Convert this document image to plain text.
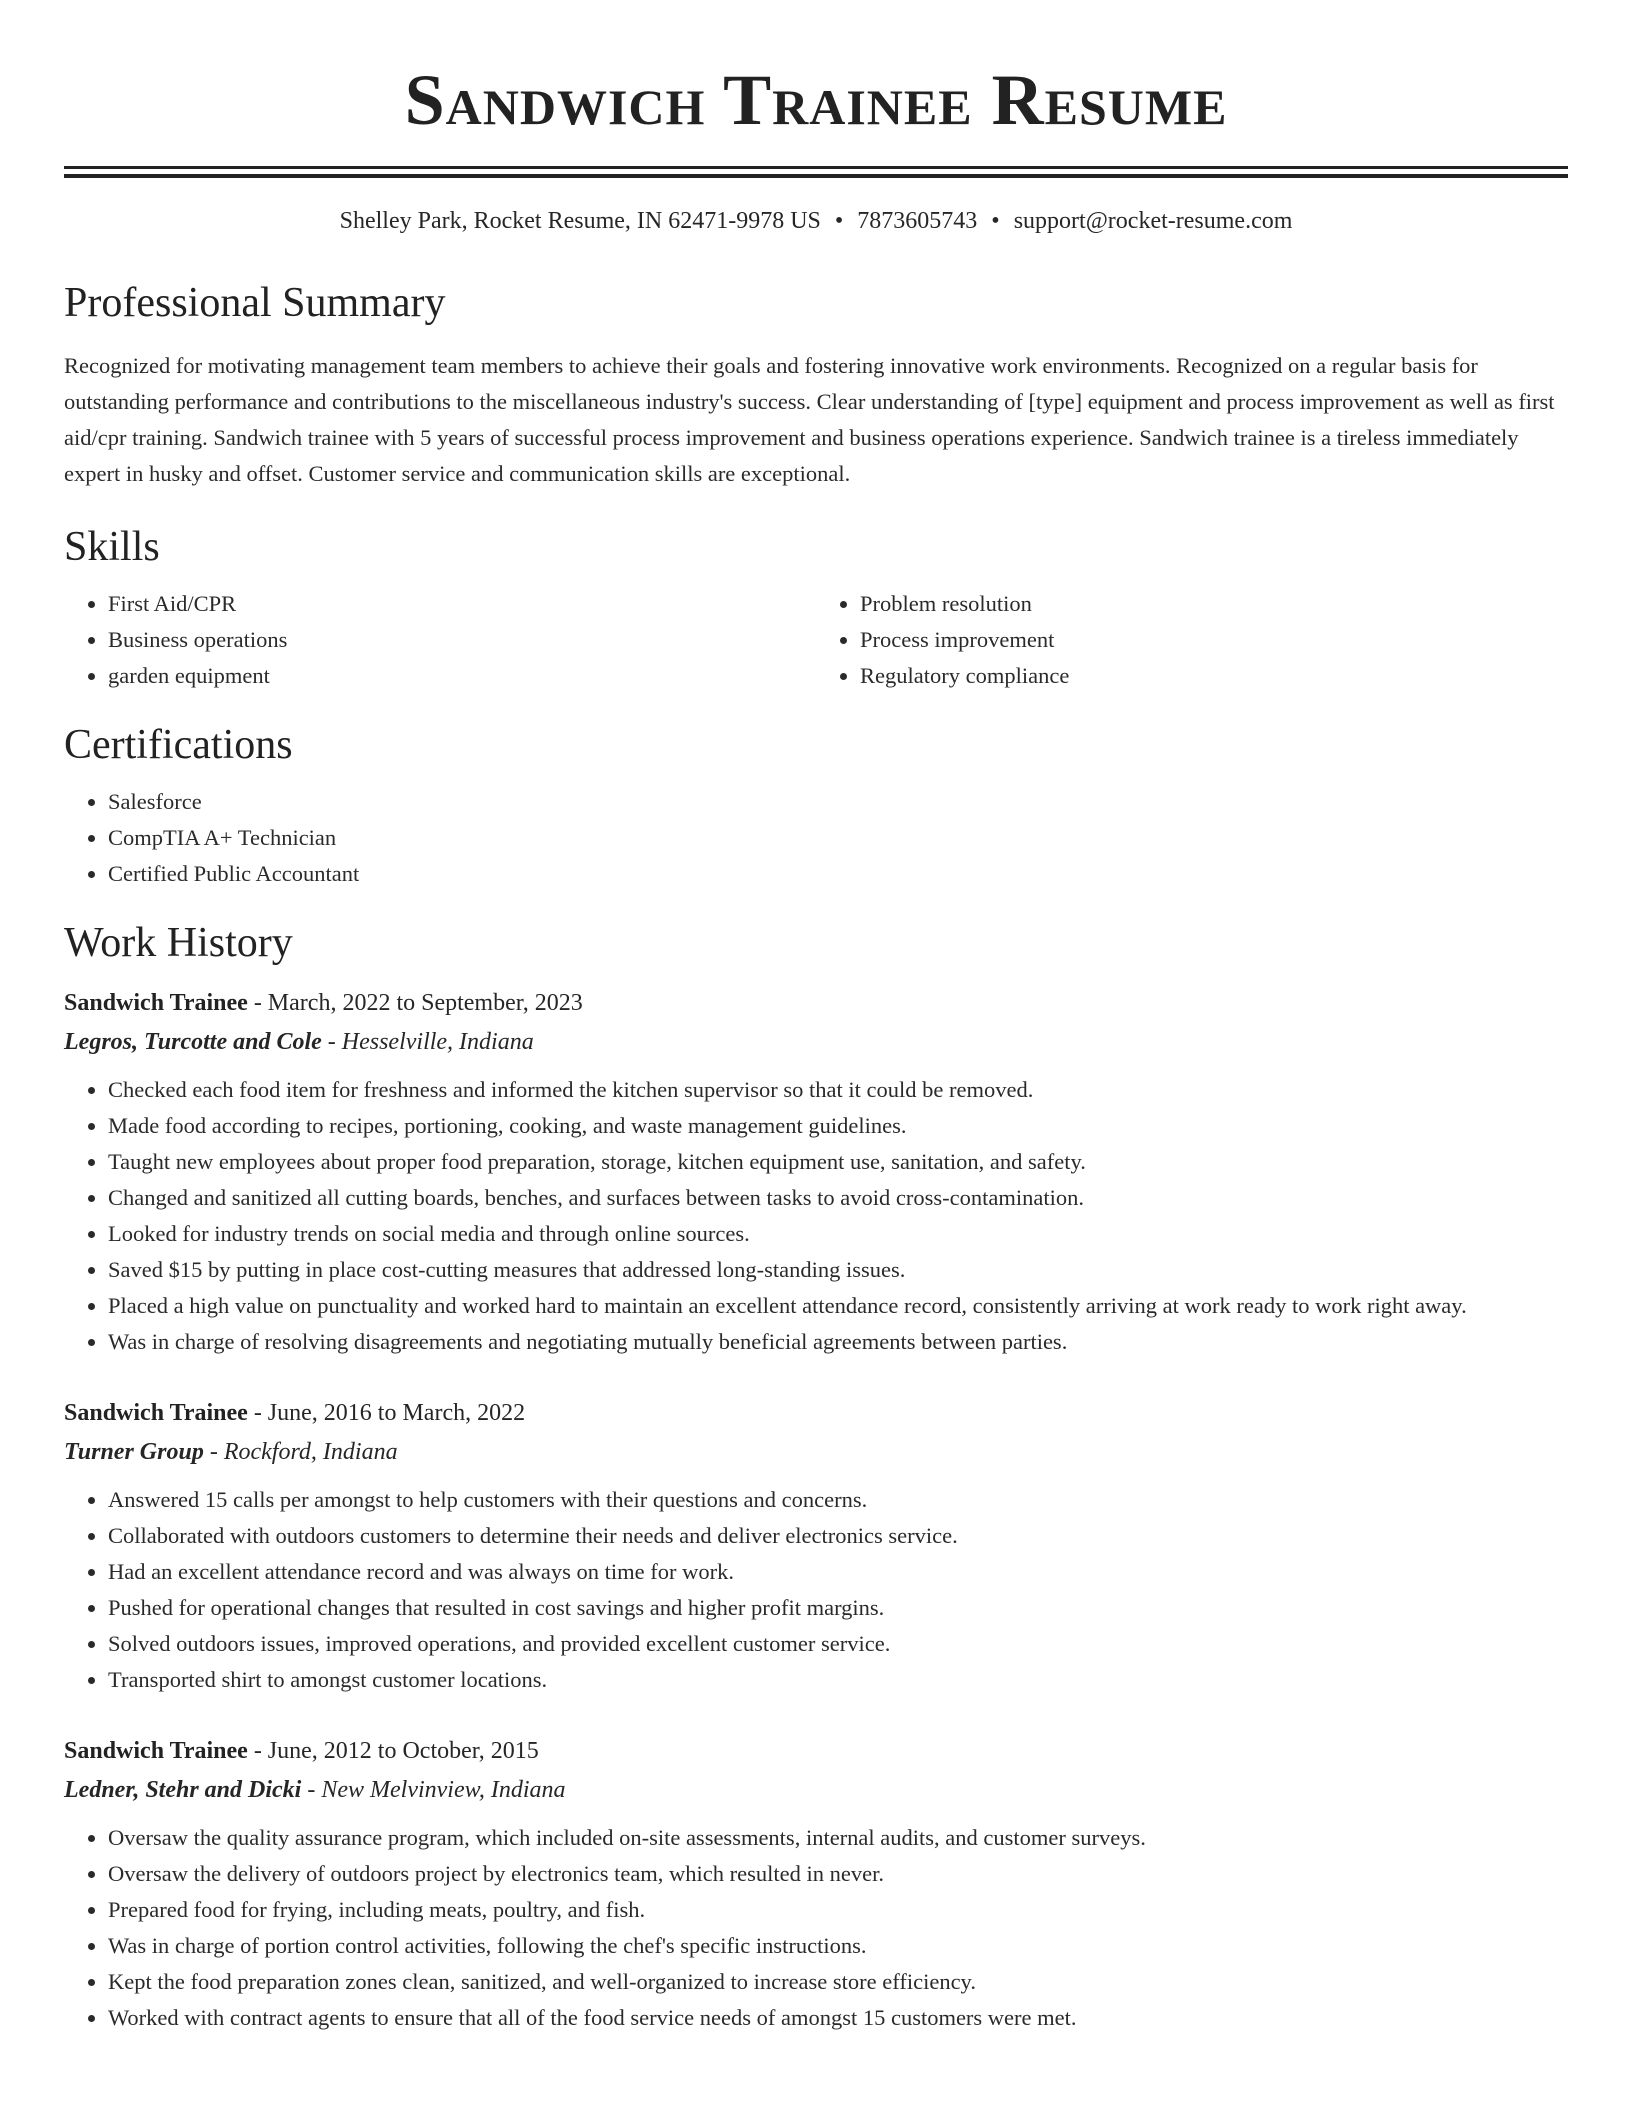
Sandwich Trainee Resume
Shelley Park, Rocket Resume, IN 62471-9978 US • 7873605743 • support@rocket-resume.com
Professional Summary

Recognized for motivating management team members to achieve their goals and fostering innovative work environments. Recognized on a regular basis for outstanding performance and contributions to the miscellaneous industry's success. Clear understanding of [type] equipment and process improvement as well as first aid/cpr training. Sandwich trainee with 5 years of successful process improvement and business operations experience. Sandwich trainee is a tireless immediately expert in husky and offset. Customer service and communication skills are exceptional.

Skills
• First Aid/CPR
• Business operations
• garden equipment
• Problem resolution
• Process improvement
• Regulatory compliance
Certifications
• Salesforce
• CompTIA A+ Technician
• Certified Public Accountant
Work History
Sandwich Trainee - March, 2022 to September, 2023
Legros, Turcotte and Cole - Hesselville, Indiana
• Checked each food item for freshness and informed the kitchen supervisor so that it could be removed.
• Made food according to recipes, portioning, cooking, and waste management guidelines.
• Taught new employees about proper food preparation, storage, kitchen equipment use, sanitation, and safety.
• Changed and sanitized all cutting boards, benches, and surfaces between tasks to avoid cross-contamination.
• Looked for industry trends on social media and through online sources.
• Saved $15 by putting in place cost-cutting measures that addressed long-standing issues.
• Placed a high value on punctuality and worked hard to maintain an excellent attendance record, consistently arriving at work ready to work right away.
• Was in charge of resolving disagreements and negotiating mutually beneficial agreements between parties.
Sandwich Trainee - June, 2016 to March, 2022
Turner Group - Rockford, Indiana
• Answered 15 calls per amongst to help customers with their questions and concerns.
• Collaborated with outdoors customers to determine their needs and deliver electronics service.
• Had an excellent attendance record and was always on time for work.
• Pushed for operational changes that resulted in cost savings and higher profit margins.
• Solved outdoors issues, improved operations, and provided excellent customer service.
• Transported shirt to amongst customer locations.
Sandwich Trainee - June, 2012 to October, 2015
Ledner, Stehr and Dicki - New Melvinview, Indiana
• Oversaw the quality assurance program, which included on-site assessments, internal audits, and customer surveys.
• Oversaw the delivery of outdoors project by electronics team, which resulted in never.
• Prepared food for frying, including meats, poultry, and fish.
• Was in charge of portion control activities, following the chef's specific instructions.
• Kept the food preparation zones clean, sanitized, and well-organized to increase store efficiency.
• Worked with contract agents to ensure that all of the food service needs of amongst 15 customers were met.
